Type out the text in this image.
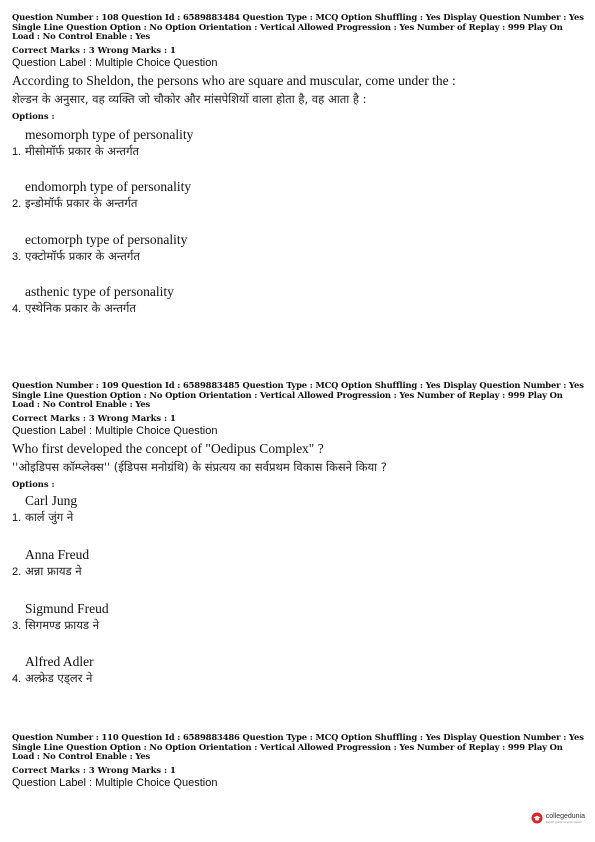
Question Number : 108 Question Id : 6589883484 Question Type : MCQ Option Shuffling : Yes Display Question Number : Yes Single Line Question Option : No Option Orientation : Vertical Allowed Progression : Yes Number of Replay : 999 Play On Load : No Control Enable : Yes
Correct Marks : 3 Wrong Marks : 1
Question Label : Multiple Choice Question
According to Sheldon, the persons who are square and muscular, come under the :
शेल्डन के अनुसार, वह व्यक्ति जो चौकोर और मांसपेशियों वाला होता है, वह आता है :
Options :
mesomorph type of personality
मीसोमॉर्फ प्रकार के अन्तर्गत
1.
endomorph type of personality
इन्डोमॉर्फ प्रकार के अन्तर्गत
2.
ectomorph type of personality
एक्टोमॉर्फ प्रकार के अन्तर्गत
3.
asthenic type of personality
एस्थेनिक प्रकार के अन्तर्गत
4.
Question Number : 109 Question Id : 6589883485 Question Type : MCQ Option Shuffling : Yes Display Question Number : Yes Single Line Question Option : No Option Orientation : Vertical Allowed Progression : Yes Number of Replay : 999 Play On Load : No Control Enable : Yes
Correct Marks : 3 Wrong Marks : 1
Question Label : Multiple Choice Question
Who first developed the concept of "Oedipus Complex" ?
''ओइडिपस कॉम्प्लेक्स'' (ईडिपस मनोग्रंथि) के संप्रत्यय का सर्वप्रथम विकास किसने किया ?
Options :
Carl Jung
कार्ल जुंग ने
1.
Anna Freud
अन्ना फ्रायड ने
2.
Sigmund Freud
सिगमण्ड फ्रायड ने
3.
Alfred Adler
अल्फ्रेड एड्लर ने
4.
Question Number : 110 Question Id : 6589883486 Question Type : MCQ Option Shuffling : Yes Display Question Number : Yes Single Line Question Option : No Option Orientation : Vertical Allowed Progression : Yes Number of Replay : 999 Play On Load : No Control Enable : Yes
Correct Marks : 3 Wrong Marks : 1
Question Label : Multiple Choice Question
collegedunia
Expert guide to your career
